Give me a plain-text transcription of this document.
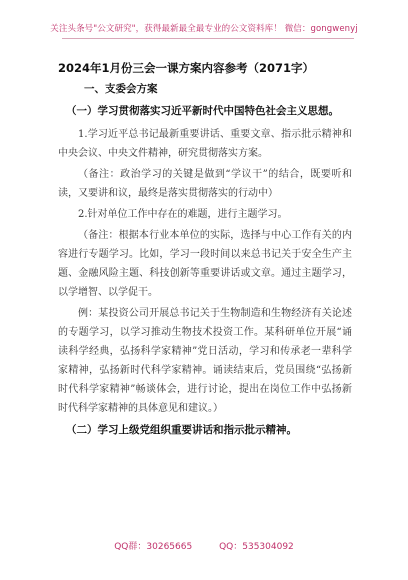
关注头条号"公文研究"，获得最新最全最专业的公文资料库！ 微信：gongwenyj
2024年1月份三会一课方案内容参考（2071字）
一、支委会方案
（一）学习贯彻落实习近平新时代中国特色社会主义思想。
1.学习近平总书记最新重要讲话、重要文章、指示批示精神和中央会议、中央文件精神，研究贯彻落实方案。
（备注：政治学习的关键是做到“学议干”的结合，既要听和读，又要讲和议，最终是落实贯彻落实的行动中）
2.针对单位工作中存在的难题，进行主题学习。
（备注：根据本行业本单位的实际，选择与中心工作有关的内容进行专题学习。比如，学习一段时间以来总书记关于安全生产主题、金融风险主题、科技创新等重要讲话或文章。通过主题学习，以学增智、以学促干。
例：某投资公司开展总书记关于生物制造和生物经济有关论述的专题学习，以学习推动生物技术投资工作。某科研单位开展“诵读科学经典，弘扬科学家精神”党日活动，学习和传承老一辈科学家精神，弘扬新时代科学家精神。诵读结束后，党员围绕“弘扬新时代科学家精神”畅谈体会，进行讨论，提出在岗位工作中弘扬新时代科学家精神的具体意见和建议。）
（二）学习上级党组织重要讲话和指示批示精神。
QQ群：30265665	QQ：535304092
